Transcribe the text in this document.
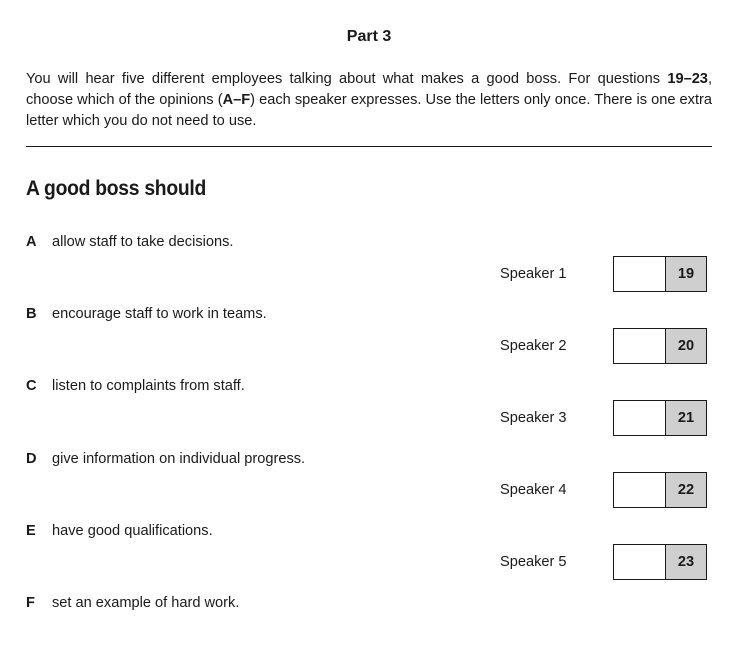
Part 3

You will hear five different employees talking about what makes a good boss. For questions 19–23, choose which of the opinions (A–F) each speaker expresses. Use the letters only once. There is one extra letter which you do not need to use.

A good boss should
A allow staff to take decisions.
B encourage staff to work in teams.
C listen to complaints from staff.
D give information on individual progress.
E have good qualifications.
F set an example of hard work.
Speaker 1	19
Speaker 2	20
Speaker 3	21
Speaker 4	22
Speaker 5	23
